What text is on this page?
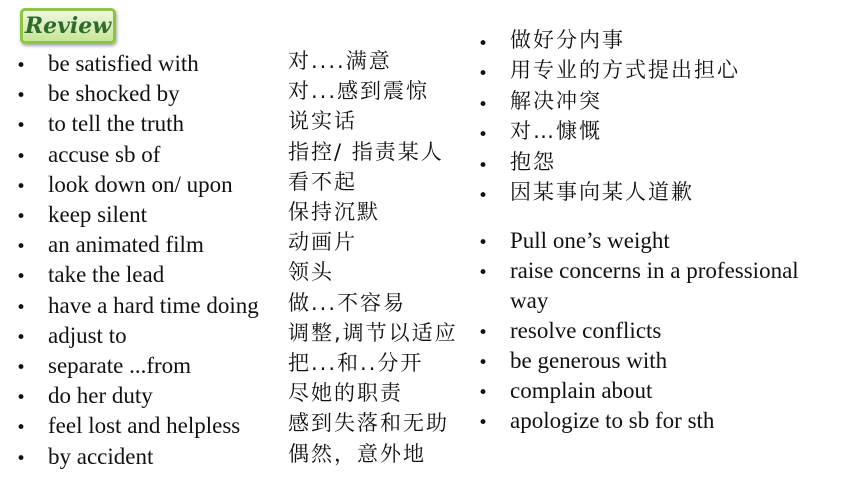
Review
• be satisfied with	对....满意
• be shocked by	对...感到震惊
• to tell the truth	说实话
• accuse sb of	指控/ 指责某人
• look down on/ upon	看不起
• keep silent	保持沉默
• an animated film	动画片
• take the lead	领头
• have a hard time doing 做...不容易
• adjust to	调整,调节以适应
• separate ...from	把...和..分开
• do her duty	尽她的职责
• feel lost and helpless 感到失落和无助
• by accident	偶然，意外地
• 做好分内事
• 用专业的方式提出担心
• 解决冲突
• 对…慷慨
• 抱怨
• 因某事向某人道歉
• Pull one’s weight
• raise concerns in a professional
way
• resolve conflicts
• be generous with
• complain about
• apologize to sb for sth
